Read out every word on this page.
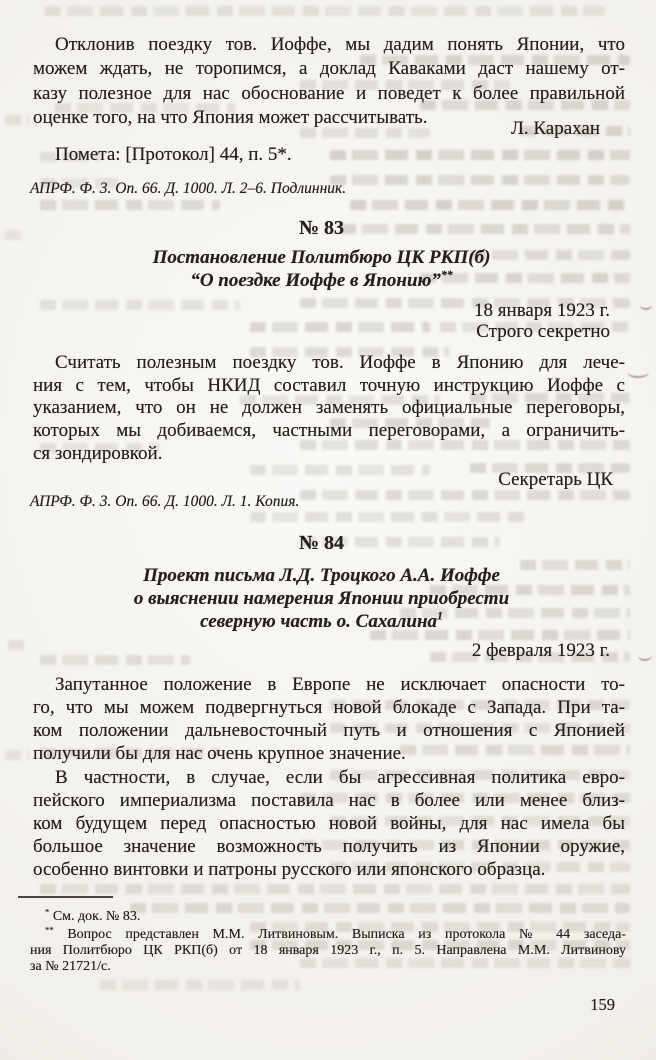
Отклонив поездку тов. Иоффе, мы дадим понять Японии, что
можем ждать, не торопимся, а доклад Каваками даст нашему от-
казу полезное для нас обоснование и поведет к более правильной
оценке того, на что Япония может рассчитывать.
Л. Карахан
Помета: [Протокол] 44, п. 5*.
АПРФ. Ф. 3. Оп. 66. Д. 1000. Л. 2–6. Подлинник.
№ 83
Постановление Политбюро ЦК РКП(б)
“О поездке Иоффе в Японию”**
18 января 1923 г.
Строго секретно
Считать полезным поездку тов. Иоффе в Японию для лече-
ния с тем, чтобы НКИД составил точную инструкцию Иоффе с
указанием, что он не должен заменять официальные переговоры,
которых мы добиваемся, частными переговорами, а ограничить-
ся зондировкой.
Секретарь ЦК
АПРФ. Ф. 3. Оп. 66. Д. 1000. Л. 1. Копия.
№ 84
Проект письма Л.Д. Троцкого А.А. Иоффе
о выяснении намерения Японии приобрести
северную часть о. Сахалина$^1$
2 февраля 1923 г.
Запутанное положение в Европе не исключает опасности то-
го, что мы можем подвергнуться новой блокаде с Запада. При та-
ком положении дальневосточный путь и отношения с Японией
получили бы для нас очень крупное значение.
В частности, в случае, если бы агрессивная политика евро-
пейского империализма поставила нас в более или менее близ-
ком будущем перед опасностью новой войны, для нас имела бы
большое значение возможность получить из Японии оружие,
особенно винтовки и патроны русского или японского образца.
* См. док. № 83.
** Вопрос представлен М.М. Литвиновым. Выписка из протокола № 44 заседа-
ния Политбюро ЦК РКП(б) от 18 января 1923 г., п. 5. Направлена М.М. Литвинову
за № 21721/с.
159
